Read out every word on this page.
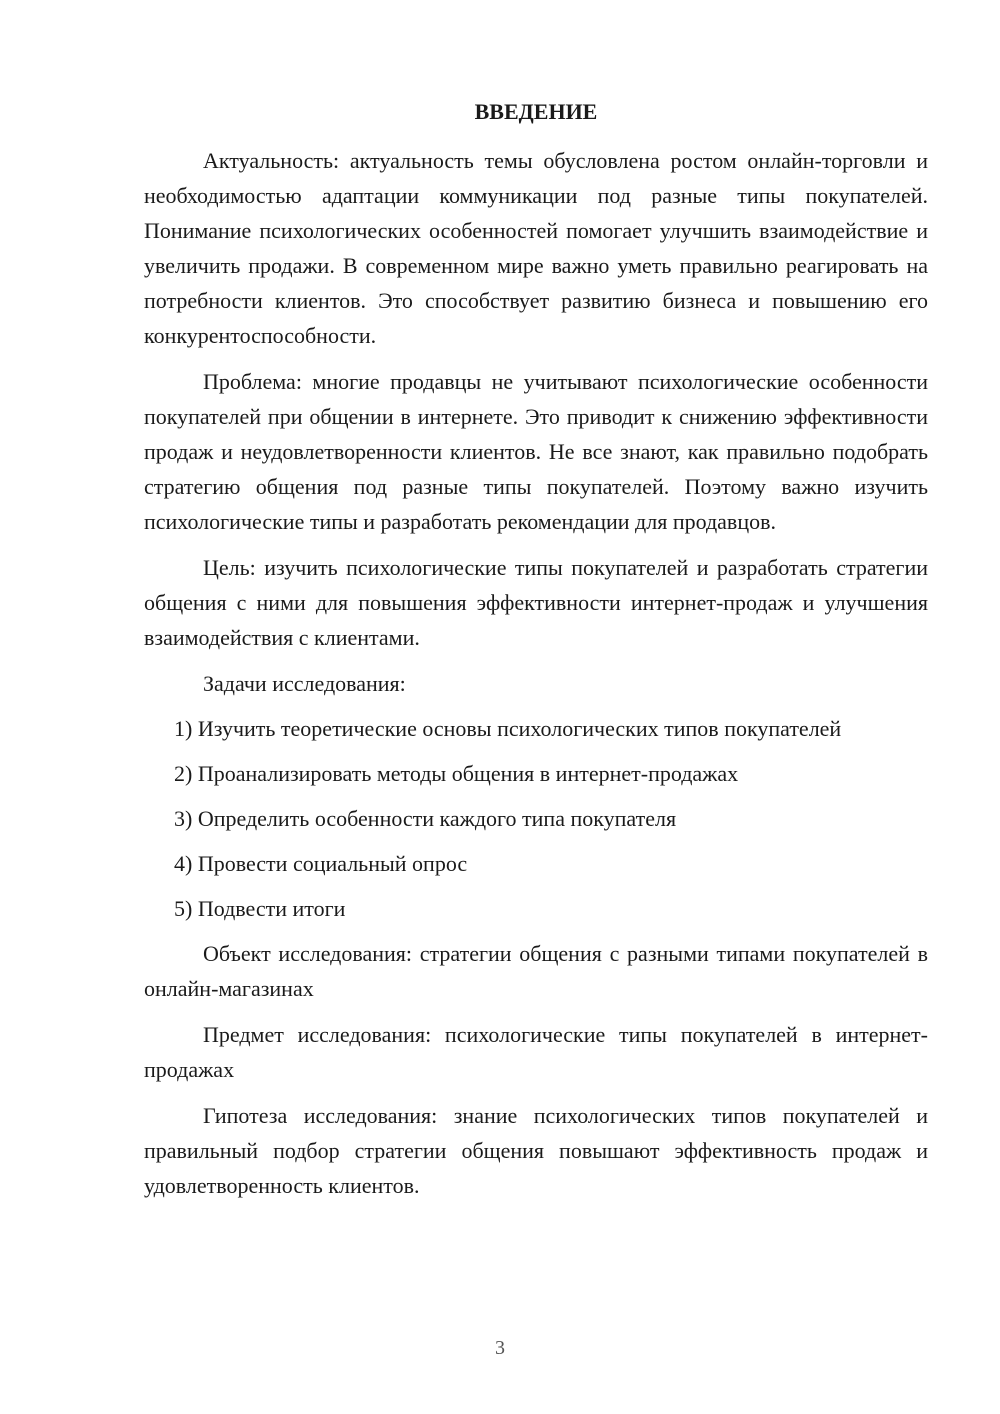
ВВЕДЕНИЕ

Актуальность: актуальность темы обусловлена ростом онлайн-торговли и необходимостью адаптации коммуникации под разные типы покупателей. Понимание психологических особенностей помогает улучшить взаимодействие и увеличить продажи. В современном мире важно уметь правильно реагировать на потребности клиентов. Это способствует развитию бизнеса и повышению его конкурентоспособности.

Проблема: многие продавцы не учитывают психологические особенности покупателей при общении в интернете. Это приводит к снижению эффективности продаж и неудовлетворенности клиентов. Не все знают, как правильно подобрать стратегию общения под разные типы покупателей. Поэтому важно изучить психологические типы и разработать рекомендации для продавцов.

Цель: изучить психологические типы покупателей и разработать стратегии общения с ними для повышения эффективности интернет-продаж и улучшения взаимодействия с клиентами.

Задачи исследования:

1) Изучить теоретические основы психологических типов покупателей
2) Проанализировать методы общения в интернет-продажах
3) Определить особенности каждого типа покупателя
4) Провести социальный опрос
5) Подвести итоги

Объект исследования: стратегии общения с разными типами покупателей в онлайн-магазинах

Предмет исследования: психологические типы покупателей в интернет-продажах

Гипотеза исследования: знание психологических типов покупателей и правильный подбор стратегии общения повышают эффективность продаж и удовлетворенность клиентов.

3
